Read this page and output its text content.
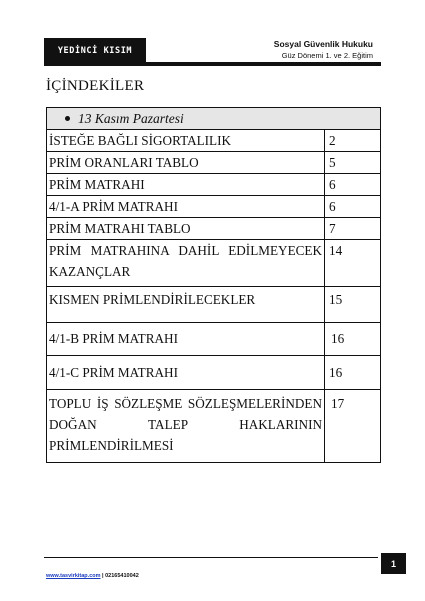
YEDİNCİ KISIM
Sosyal Güvenlik Hukuku
Güz Dönemi 1. ve 2. Eğitim
İÇİNDEKİLER
13 Kasım Pazartesi	

İSTEĞE BAĞLI SİGORTALILIK	2
PRİM ORANLARI TABLO	5
PRİM MATRAHI	6
4/1-A PRİM MATRAHI	6
PRİM MATRAHI TABLO	7
PRİM MATRAHINA DAHİL EDİLMEYECEK KAZANÇLAR	14
KISMEN PRİMLENDİRİLECEKLER	15
4/1-B PRİM MATRAHI	16
4/1-C PRİM MATRAHI	16
TOPLU İŞ SÖZLEŞME SÖZLEŞMELERİNDEN DOĞAN TALEP HAKLARININ PRİMLENDİRİLMESİ	17
www.tasvirkitap.com | 02165410042
1
